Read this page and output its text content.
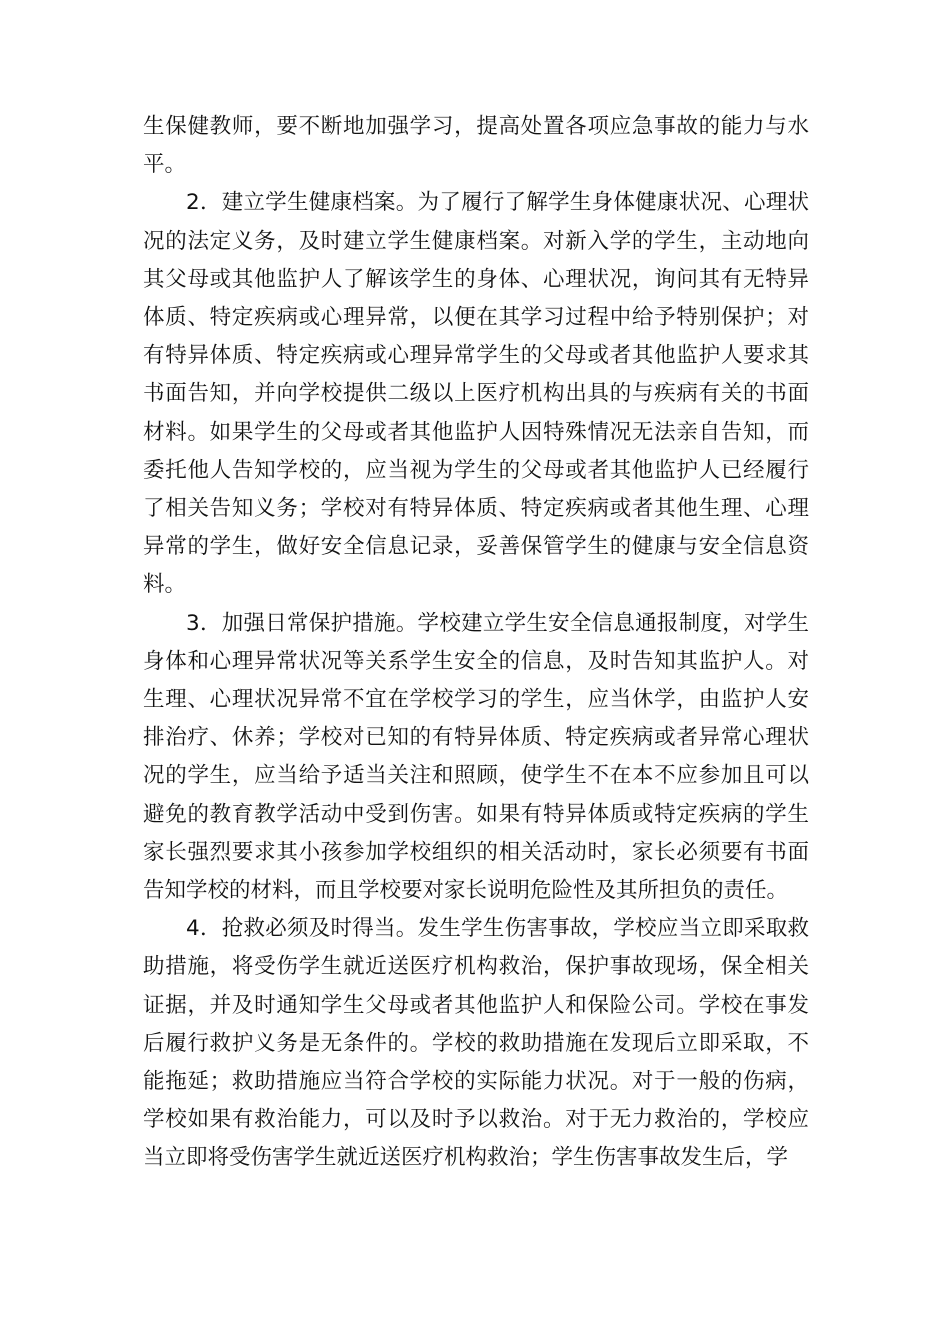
生保健教师，要不断地加强学习，提高处置各项应急事故的能力与水平。

2．建立学生健康档案。为了履行了解学生身体健康状况、心理状况的法定义务，及时建立学生健康档案。对新入学的学生，主动地向其父母或其他监护人了解该学生的身体、心理状况，询问其有无特异体质、特定疾病或心理异常，以便在其学习过程中给予特别保护；对有特异体质、特定疾病或心理异常学生的父母或者其他监护人要求其书面告知，并向学校提供二级以上医疗机构出具的与疾病有关的书面材料。如果学生的父母或者其他监护人因特殊情况无法亲自告知，而委托他人告知学校的，应当视为学生的父母或者其他监护人已经履行了相关告知义务；学校对有特异体质、特定疾病或者其他生理、心理异常的学生，做好安全信息记录，妥善保管学生的健康与安全信息资料。

3．加强日常保护措施。学校建立学生安全信息通报制度，对学生身体和心理异常状况等关系学生安全的信息，及时告知其监护人。对生理、心理状况异常不宜在学校学习的学生，应当休学，由监护人安排治疗、休养；学校对已知的有特异体质、特定疾病或者异常心理状况的学生，应当给予适当关注和照顾，使学生不在本不应参加且可以避免的教育教学活动中受到伤害。如果有特异体质或特定疾病的学生家长强烈要求其小孩参加学校组织的相关活动时，家长必须要有书面告知学校的材料，而且学校要对家长说明危险性及其所担负的责任。

4．抢救必须及时得当。发生学生伤害事故，学校应当立即采取救助措施，将受伤学生就近送医疗机构救治，保护事故现场，保全相关证据，并及时通知学生父母或者其他监护人和保险公司。学校在事发后履行救护义务是无条件的。学校的救助措施在发现后立即采取，不能拖延；救助措施应当符合学校的实际能力状况。对于一般的伤病，学校如果有救治能力，可以及时予以救治。对于无力救治的，学校应当立即将受伤害学生就近送医疗机构救治；学生伤害事故发生后，学
